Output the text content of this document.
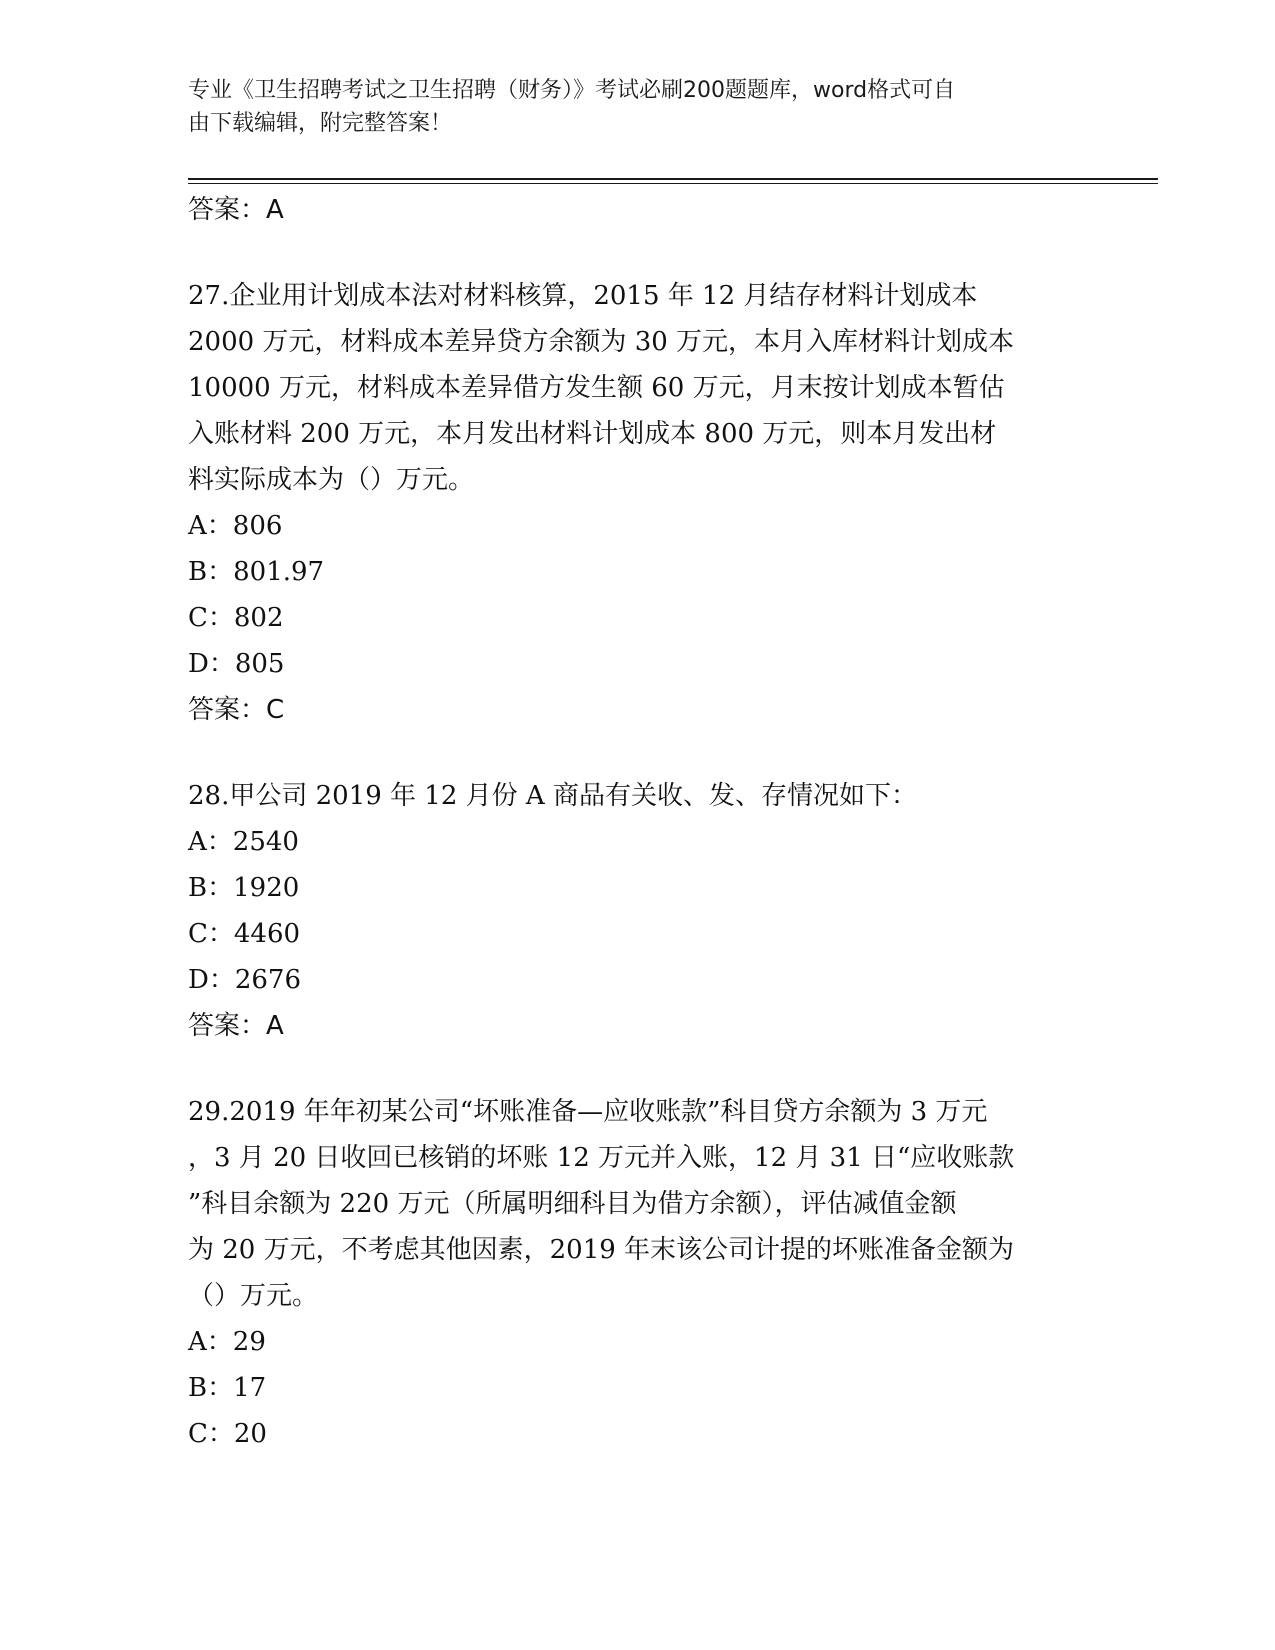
专业《卫生招聘考试之卫生招聘（财务）》考试必刷200题题库，word格式可自
由下载编辑，附完整答案！
答案：A
27.企业用计划成本法对材料核算，2015 年 12 月结存材料计划成本
2000 万元，材料成本差异贷方余额为 30 万元，本月入库材料计划成本
10000 万元，材料成本差异借方发生额 60 万元，月末按计划成本暂估
入账材料 200 万元，本月发出材料计划成本 800 万元，则本月发出材
料实际成本为（）万元。
A：806
B：801.97
C：802
D：805
答案：C
28.甲公司 2019 年 12 月份 A 商品有关收、发、存情况如下：
A：2540
B：1920
C：4460
D：2676
答案：A
29.2019 年年初某公司“坏账准备—应收账款”科目贷方余额为 3 万元
，3 月 20 日收回已核销的坏账 12 万元并入账，12 月 31 日“应收账款
”科目余额为 220 万元（所属明细科目为借方余额），评估减值金额
为 20 万元，不考虑其他因素，2019 年末该公司计提的坏账准备金额为
（）万元。
A：29
B：17
C：20
